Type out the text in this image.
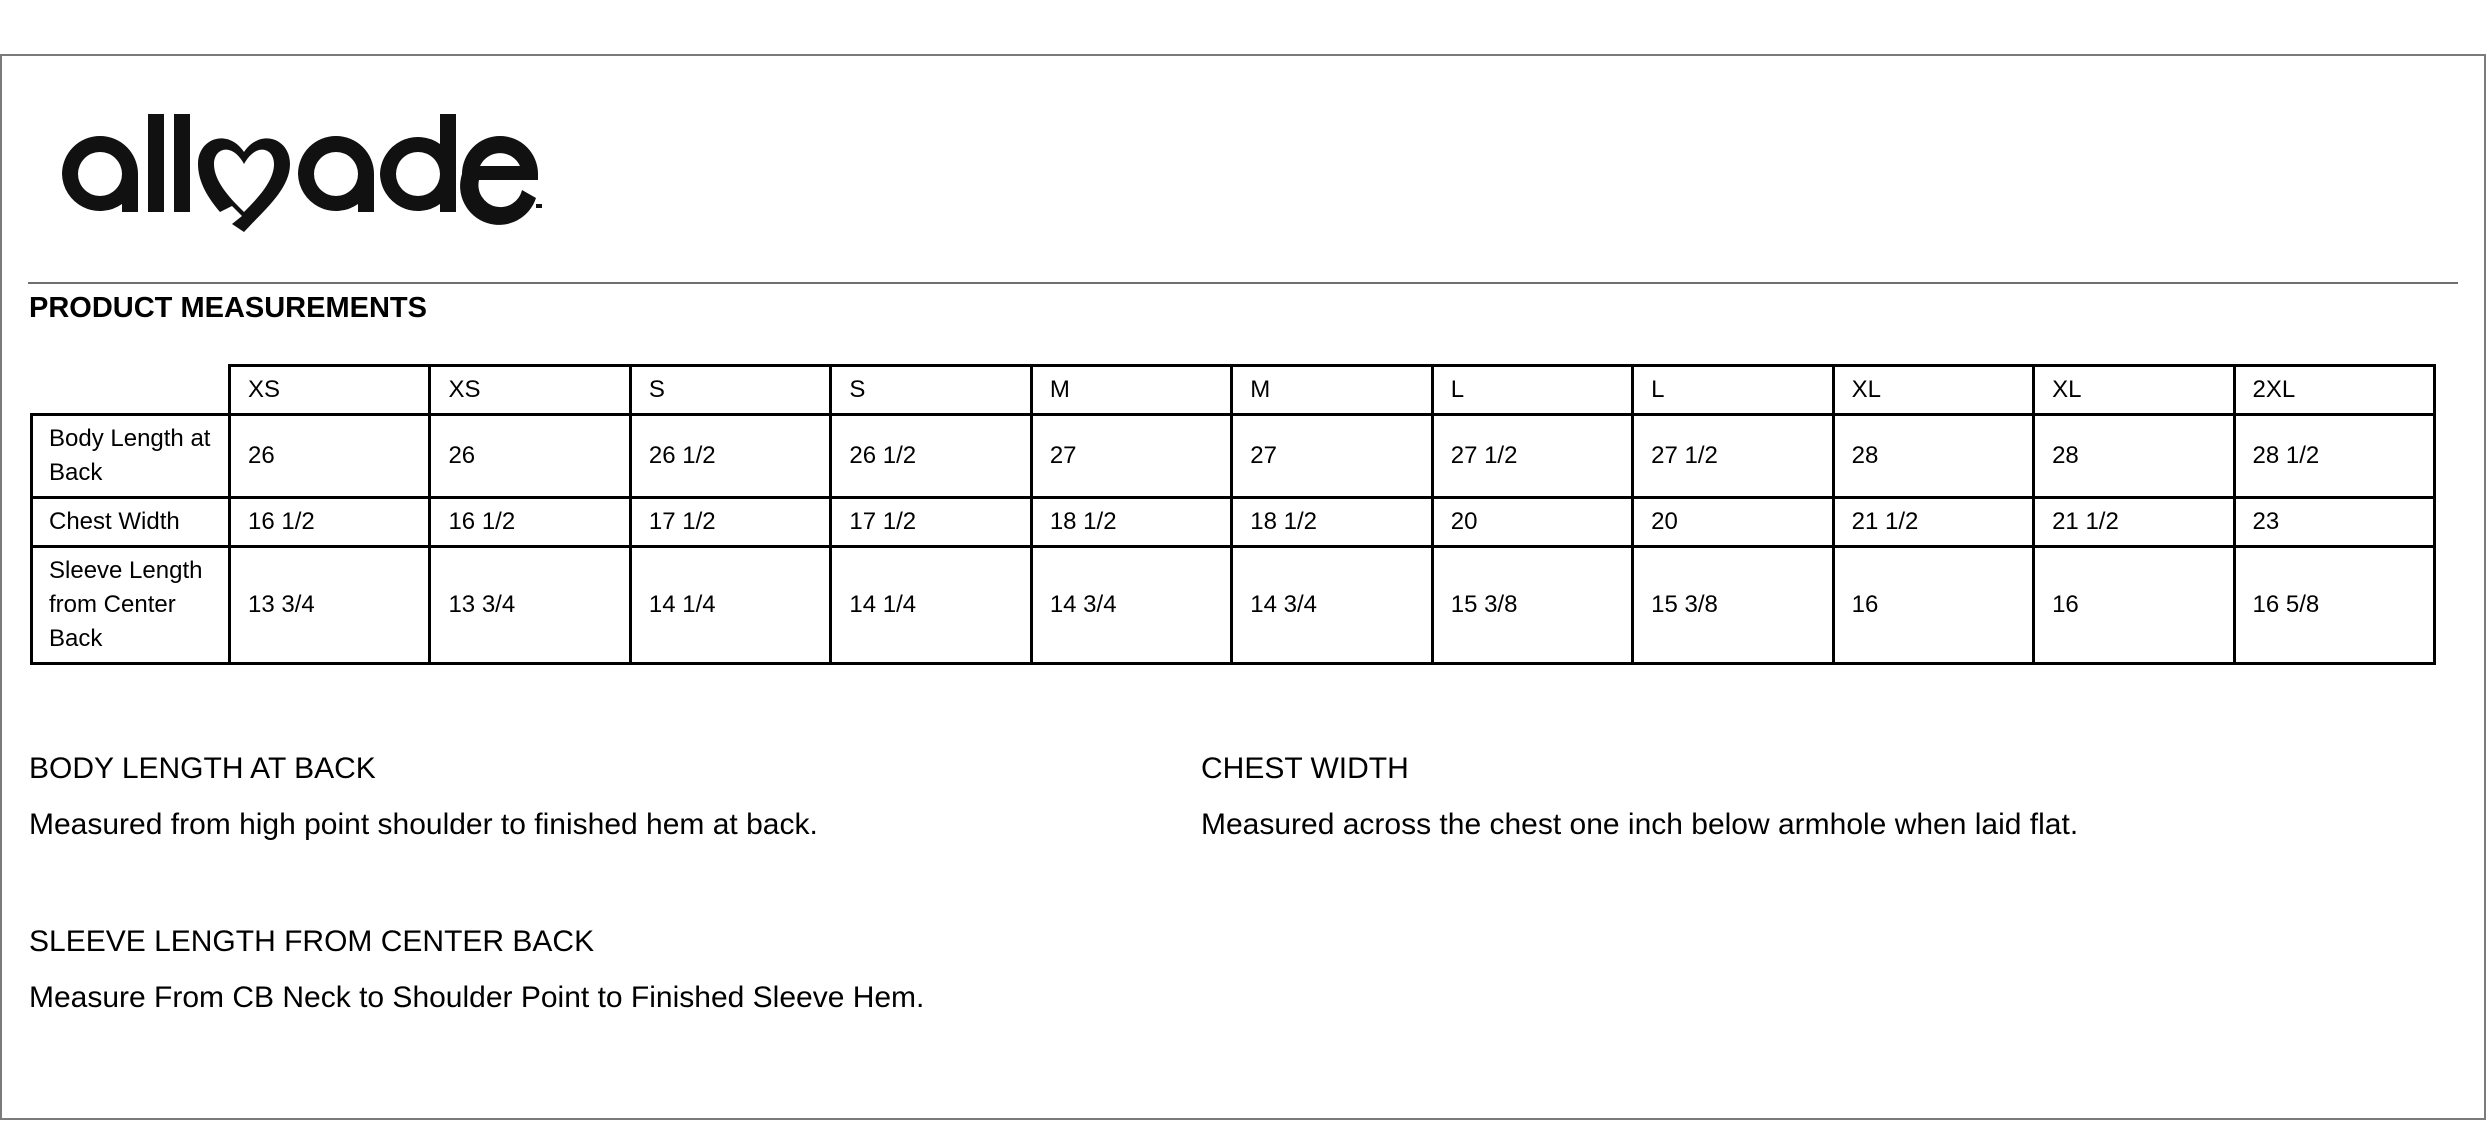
PRODUCT MEASUREMENTS
	XS	XS	S	S	M	M	L	L	XL	XL	2XL
Body Length at Back	26	26	26 1/2	26 1/2	27	27	27 1/2	27 1/2	28	28	28 1/2
Chest Width	16 1/2	16 1/2	17 1/2	17 1/2	18 1/2	18 1/2	20	20	21 1/2	21 1/2	23
Sleeve Length from Center Back	13 3/4	13 3/4	14 1/4	14 1/4	14 3/4	14 3/4	15 3/8	15 3/8	16	16	16 5/8
BODY LENGTH AT BACK
Measured from high point shoulder to finished hem at back.
CHEST WIDTH
Measured across the chest one inch below armhole when laid flat.
SLEEVE LENGTH FROM CENTER BACK
Measure From CB Neck to Shoulder Point to Finished Sleeve Hem.
